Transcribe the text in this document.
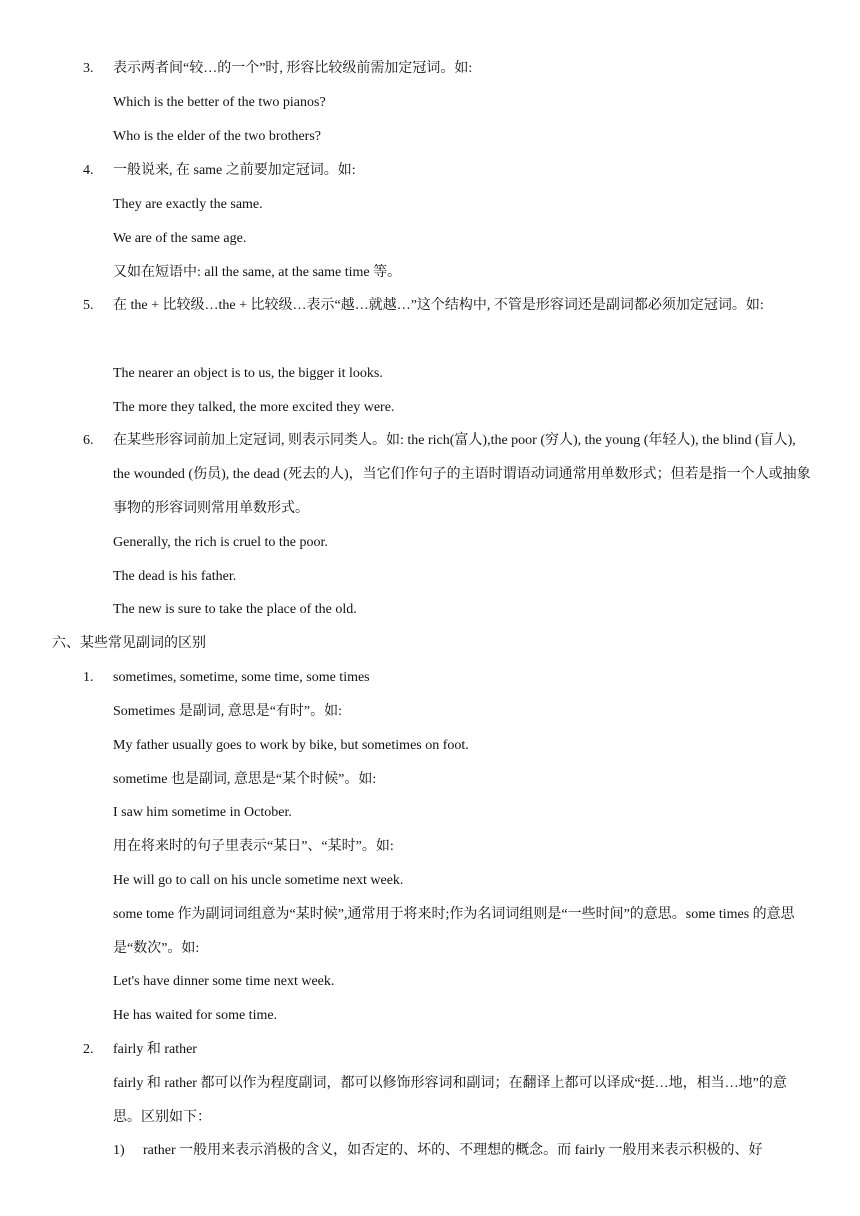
3.	表示两者间“较…的一个”时, 形容比较级前需加定冠词。如:
Which is the better of the two pianos?
Who is the elder of the two brothers?
4.	一般说来, 在 same 之前要加定冠词。如:
They are exactly the same.
We are of the same age.
又如在短语中: all the same, at the same time 等。
5.	在 the + 比较级…the + 比较级…表示“越…就越…”这个结构中, 不管是形容词还是副词都必须加定冠词。如:
The nearer an object is to us, the bigger it looks.
The more they talked, the more excited they were.
6.	在某些形容词前加上定冠词, 则表示同类人。如: the rich(富人),the poor (穷人), the young (年轻人), the blind (盲人), the wounded (伤员), the dead (死去的人)，当它们作句子的主语时谓语动词通常用单数形式；但若是指一个人或抽象事物的形容词则常用单数形式。
Generally, the rich is cruel to the poor.
The dead is his father.
The new is sure to take the place of the old.
六、某些常见副词的区别
1.	sometimes, sometime, some time, some times
Sometimes 是副词, 意思是“有时”。如:
My father usually goes to work by bike, but sometimes on foot.
sometime 也是副词, 意思是“某个时候”。如:
I saw him sometime in October.
用在将来时的句子里表示“某日”、“某时”。如:
He will go to call on his uncle sometime next week.
some tome 作为副词词组意为“某时候”,通常用于将来时;作为名词词组则是“一些时间”的意思。some times 的意思是“数次”。如:
Let's have dinner some time next week.
He has waited for some time.
2.	fairly 和 rather
fairly 和 rather 都可以作为程度副词，都可以修饰形容词和副词；在翻译上都可以译成“挺…地，相当…地”的意思。区别如下：
1) rather 一般用来表示消极的含义，如否定的、坏的、不理想的概念。而 fairly 一般用来表示积极的、好
